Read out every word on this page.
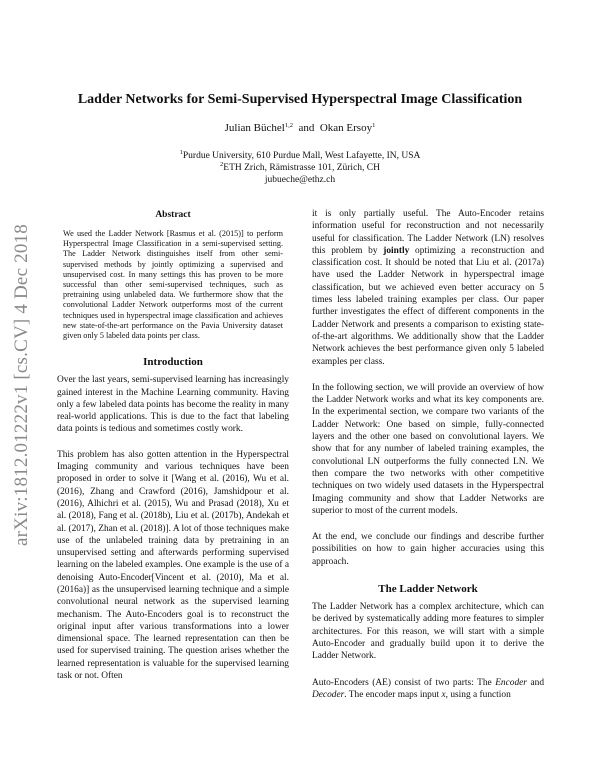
arXiv:1812.01222v1 [cs.CV] 4 Dec 2018
Ladder Networks for Semi-Supervised Hyperspectral Image Classification
Julian Büchel$^{1,2}$ and Okan Ersoy$^1$
$^1$Purdue University, 610 Purdue Mall, West Lafayette, IN, USA
$^2$ETH Zrich, Rämistrasse 101, Zürich, CH
jubueche@ethz.ch
Abstract
We used the Ladder Network [Rasmus et al. (2015)] to perform Hyperspectral Image Classification in a semi-supervised setting. The Ladder Network distinguishes itself from other semi-supervised methods by jointly optimizing a supervised and unsupervised cost. In many settings this has proven to be more successful than other semi-supervised techniques, such as pretraining using unlabeled data. We furthermore show that the convolutional Ladder Network outperforms most of the current techniques used in hyperspectral image classification and achieves new state-of-the-art performance on the Pavia University dataset given only 5 labeled data points per class.
Introduction

Over the last years, semi-supervised learning has increasingly gained interest in the Machine Learning community. Having only a few labeled data points has become the reality in many real-world applications. This is due to the fact that labeling data points is tedious and sometimes costly work.

This problem has also gotten attention in the Hyperspectral Imaging community and various techniques have been proposed in order to solve it [Wang et al. (2016), Wu et al. (2016), Zhang and Crawford (2016), Jamshidpour et al. (2016), Alhichri et al. (2015), Wu and Prasad (2018), Xu et al. (2018), Fang et al. (2018b), Liu et al. (2017b), Andekah et al. (2017), Zhan et al. (2018)]. A lot of those techniques make use of the unlabeled training data by pretraining in an unsupervised setting and afterwards performing supervised learning on the labeled examples. One example is the use of a denoising Auto-Encoder[Vincent et al. (2010), Ma et al. (2016a)] as the unsupervised learning technique and a simple convolutional neural network as the supervised learning mechanism. The Auto-Encoders goal is to reconstruct the original input after various transformations into a lower dimensional space. The learned representation can then be used for supervised training. The question arises whether the learned representation is valuable for the supervised learning task or not. Often

it is only partially useful. The Auto-Encoder retains information useful for reconstruction and not necessarily useful for classification. The Ladder Network (LN) resolves this problem by jointly optimizing a reconstruction and classification cost. It should be noted that Liu et al. (2017a) have used the Ladder Network in hyperspectral image classification, but we achieved even better accuracy on 5 times less labeled training examples per class. Our paper further investigates the effect of different components in the Ladder Network and presents a comparison to existing state-of-the-art algorithms. We additionally show that the Ladder Network achieves the best performance given only 5 labeled examples per class.

In the following section, we will provide an overview of how the Ladder Network works and what its key components are. In the experimental section, we compare two variants of the Ladder Network: One based on simple, fully-connected layers and the other one based on convolutional layers. We show that for any number of labeled training examples, the convolutional LN outperforms the fully connected LN. We then compare the two networks with other competitive techniques on two widely used datasets in the Hyperspectral Imaging community and show that Ladder Networks are superior to most of the current models.

At the end, we conclude our findings and describe further possibilities on how to gain higher accuracies using this approach.

The Ladder Network

The Ladder Network has a complex architecture, which can be derived by systematically adding more features to simpler architectures. For this reason, we will start with a simple Auto-Encoder and gradually build upon it to derive the Ladder Network.

Auto-Encoders (AE) consist of two parts: The Encoder and Decoder. The encoder maps input x, using a function
